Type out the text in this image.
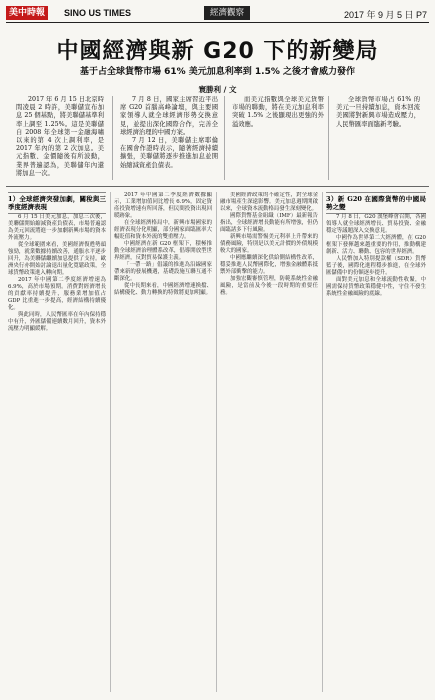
美中時報	SINO US TIMES	經濟觀察	2017 年 9 月 5 日 P7
中國經濟與新 G20 下的新變局
基于占全球貨幣市場 61% 美元加息利率到 1.5% 之後才會威力發作
寰勝利 / 文

2017 年 6 月 15 日北京時間凌晨 2 時許，美聯儲宣布加息 25 個基點，將美聯儲基準利率上調至 1.25%。這是美聯儲自 2008 年全球第一金融海嘯以來的第 4 次上調利率，是 2017 年內的第 2 次加息。美元指數、金價隨後有所波動，業界普遍認為，美聯儲年內還將加息一次。

7 月 8 日，國家主席習近平出席 G20 首腦高峰論壇，與主要國家領導人就全球經濟形勢交換意見，並提出深化國際合作，完善全球經濟治理的中國方案。

7 月 12 日，美聯儲主席耶倫在國會作證時表示，隨著經濟持續擴張，美聯儲將逐步推進加息並開始縮減資產負債表。

而美元指數與全球美元貨幣市場的聯動，將在美元加息利率突破 1.5% 之後顯現出更強的外溢效應。

全球貨幣市場占 61% 的美元一旦持續加息，資本回流美國將對新興市場造成壓力，人民幣匯率面臨新考驗。

1）全球經濟突發加劇，關稅與三季度經濟表現

6 月 15 日美元加息，加息三次後，美聯儲開始縮減資產負債表，市場普遍認為美元回流將進一步加劇新興市場的資本外流壓力。

從全球範圍來看，美國經濟復甦勢頭強勁，就業數據持續改善，通脹水平逐步回升，為美聯儲繼續加息提供了支持。歐洲央行亦開始討論退出量化寬鬆政策，全球貨幣政策進入轉向期。

2017 年中國第二季度經濟增速為 6.9%，高於市場預期。消費對經濟增長的貢獻率持續提升，服務業增加值占 GDP 比重進一步提高，經濟結構持續優化。

與此同時，人民幣匯率在年內保持穩中有升，外匯儲備連續數月回升，資本外流壓力明顯緩解。

2017 年中國第二季度經濟數據顯示，工業增加值同比增長 6.9%，固定資產投資增速有所回落，但民間投資出現回暖跡象。

在全球經濟格局中，新興市場國家的經濟表現分化明顯，部分國家面臨匯率大幅貶值和資本外流的雙重壓力。

中國經濟在新 G20 框架下，積極推動全球經濟治理體系改革，倡導開放型世界經濟，反對貿易保護主義。

「一帶一路」倡議的推進為沿線國家帶來新的發展機遇，基礎設施互聯互通不斷深化。

從中長期來看，中國經濟增速換擋、結構優化、動力轉換的特徵將更加明顯。

美國經濟政策的不確定性，對全球金融市場產生深遠影響。美元加息週期開啟以來，全球資本流動格局發生深刻變化。

國際貨幣基金組織（IMF）最新報告指出，全球經濟增長動能有所增強，但仍面臨諸多下行風險。

新興市場需警惕美元利率上升帶來的債務風險，特別是以美元計價的外債規模較大的國家。

中國應繼續深化供給側結構性改革，穩妥推進人民幣國際化，增強金融體系抵禦外部衝擊的能力。

加強宏觀審慎管理，防範系統性金融風險，是當前及今後一段時期的重要任務。

3）新 G20 在國際貨幣的中國局勢之變

7 月 8 日，G20 漢堡峰會召開，各國領導人就全球經濟增長、貿易投資、金融穩定等議題深入交換意見。

中國作為世界第二大經濟體，在 G20 框架下發揮越來越重要的作用，推動構建創新、活力、聯動、包容的世界經濟。

人民幣加入特別提款權（SDR）貨幣籃子後，國際化進程穩步推進，在全球外匯儲備中的份額逐步提升。

面對美元加息和全球流動性收緊，中國需保持貨幣政策穩健中性，守住不發生系統性金融風險的底線。
